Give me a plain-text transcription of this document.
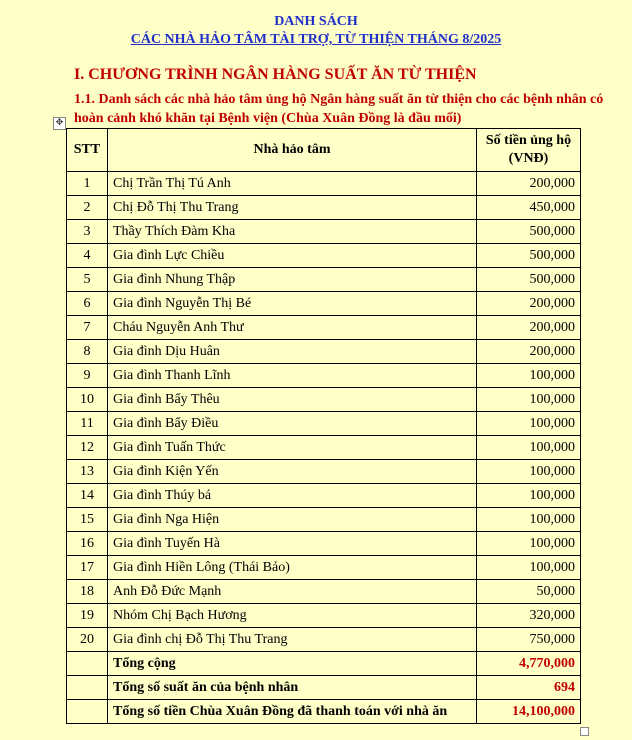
DANH SÁCH
CÁC NHÀ HẢO TÂM TÀI TRỢ, TỪ THIỆN THÁNG 8/2025
I. CHƯƠNG TRÌNH NGÂN HÀNG SUẤT ĂN TỪ THIỆN
1.1. Danh sách các nhà hảo tâm ủng hộ Ngân hàng suất ăn từ thiện cho các bệnh nhân có hoàn cảnh khó khăn tại Bệnh viện (Chùa Xuân Đồng là đầu mối)
✥
STT	Nhà hảo tâm	Số tiền ủng hộ (VNĐ)
1	Chị Trần Thị Tú Anh	200,000
2	Chị Đỗ Thị Thu Trang	450,000
3	Thầy Thích Đàm Kha	500,000
4	Gia đình Lực Chiều	500,000
5	Gia đình Nhung Thập	500,000
6	Gia đình Nguyễn Thị Bé	200,000
7	Cháu Nguyễn Anh Thư	200,000
8	Gia đình Dịu Huân	200,000
9	Gia đình Thanh Lĩnh	100,000
10	Gia đình Bẩy Thêu	100,000
11	Gia đình Bẩy Điều	100,000
12	Gia đình Tuấn Thức	100,000
13	Gia đình Kiện Yến	100,000
14	Gia đình Thúy bá	100,000
15	Gia đình Nga Hiện	100,000
16	Gia đình Tuyến Hà	100,000
17	Gia đình Hiền Lông (Thái Bảo)	100,000
18	Anh Đỗ Đức Mạnh	50,000
19	Nhóm Chị Bạch Hương	320,000
20	Gia đình chị Đỗ Thị Thu Trang	750,000
	Tổng cộng	4,770,000
	Tổng số suất ăn của bệnh nhân	694
	Tổng số tiền Chùa Xuân Đồng đã thanh toán với nhà ăn	14,100,000
